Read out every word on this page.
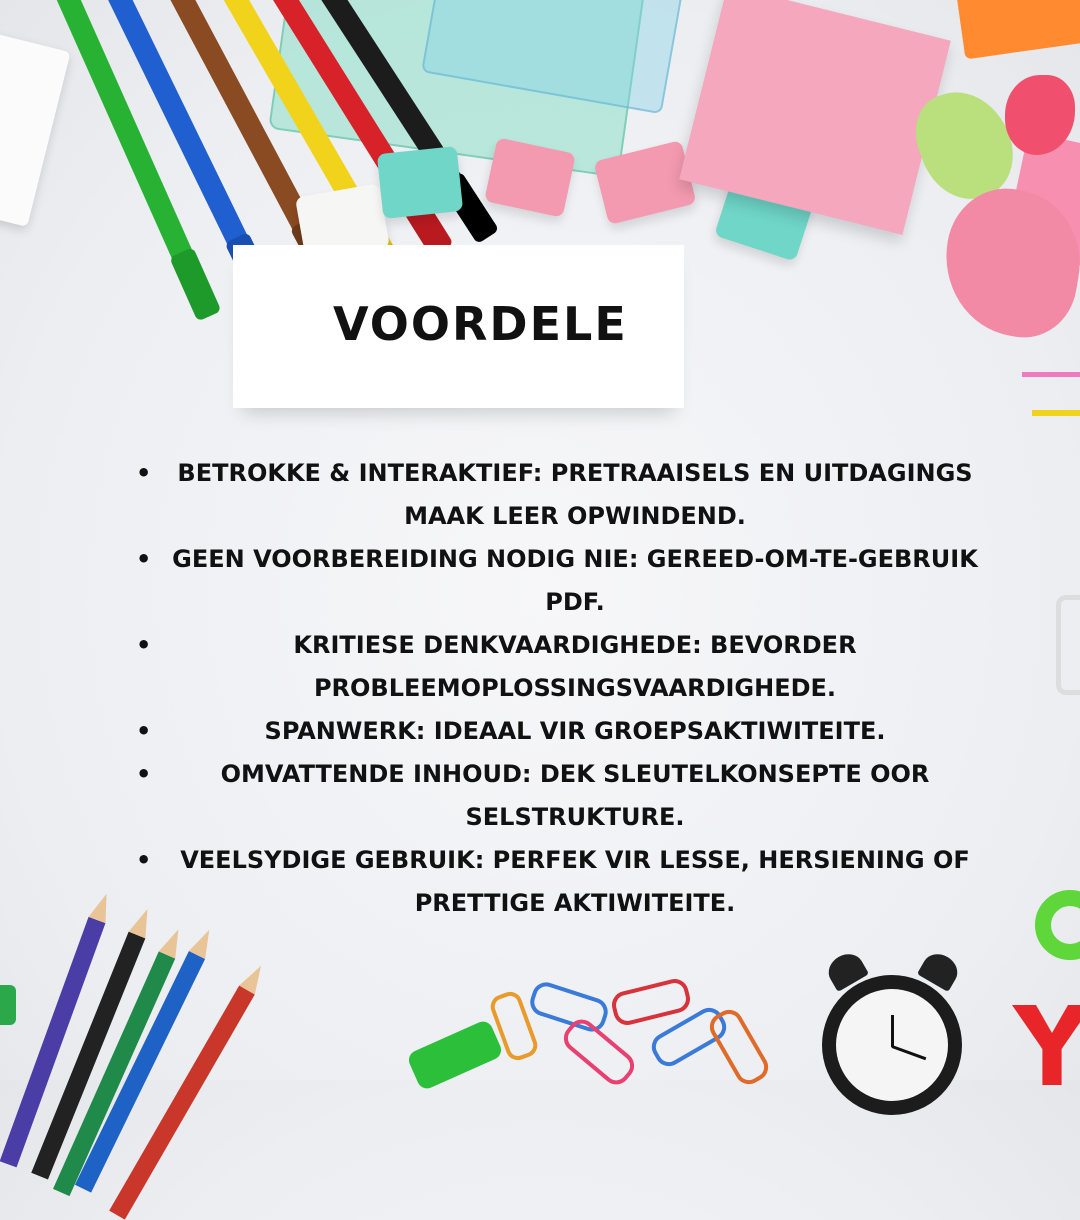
VOORDELE
• BETROKKE & INTERAKTIEF: PRETRAAISELS EN UITDAGINGS MAAK LEER OPWINDEND.
• GEEN VOORBEREIDING NODIG NIE: GEREED-OM-TE-GEBRUIK PDF.
•	KRITIESE DENKVAARDIGHEDE: BEVORDER PROBLEEMOPLOSSINGSVAARDIGHEDE.
•	SPANWERK: IDEAAL VIR GROEPSAKTIWITEITE.
•	OMVATTENDE INHOUD: DEK SLEUTELKONSEPTE OOR SELSTRUKTURE.
• VEELSYDIGE GEBRUIK: PERFEK VIR LESSE, HERSIENING OF PRETTIGE AKTIWITEITE.
